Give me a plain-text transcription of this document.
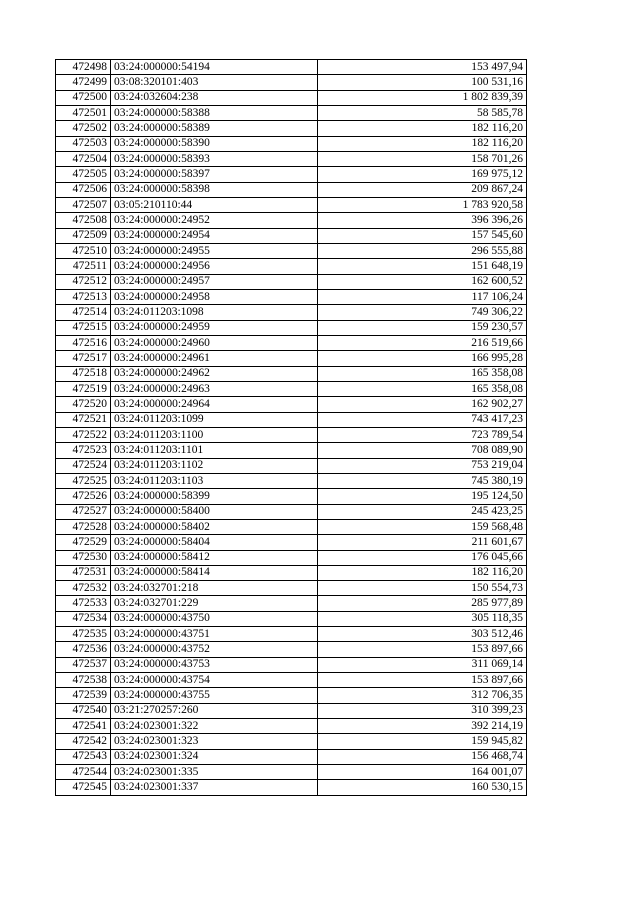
472498	03:24:000000:54194	153 497,94
472499	03:08:320101:403	100 531,16
472500	03:24:032604:238	1 802 839,39
472501	03:24:000000:58388	58 585,78
472502	03:24:000000:58389	182 116,20
472503	03:24:000000:58390	182 116,20
472504	03:24:000000:58393	158 701,26
472505	03:24:000000:58397	169 975,12
472506	03:24:000000:58398	209 867,24
472507	03:05:210110:44	1 783 920,58
472508	03:24:000000:24952	396 396,26
472509	03:24:000000:24954	157 545,60
472510	03:24:000000:24955	296 555,88
472511	03:24:000000:24956	151 648,19
472512	03:24:000000:24957	162 600,52
472513	03:24:000000:24958	117 106,24
472514	03:24:011203:1098	749 306,22
472515	03:24:000000:24959	159 230,57
472516	03:24:000000:24960	216 519,66
472517	03:24:000000:24961	166 995,28
472518	03:24:000000:24962	165 358,08
472519	03:24:000000:24963	165 358,08
472520	03:24:000000:24964	162 902,27
472521	03:24:011203:1099	743 417,23
472522	03:24:011203:1100	723 789,54
472523	03:24:011203:1101	708 089,90
472524	03:24:011203:1102	753 219,04
472525	03:24:011203:1103	745 380,19
472526	03:24:000000:58399	195 124,50
472527	03:24:000000:58400	245 423,25
472528	03:24:000000:58402	159 568,48
472529	03:24:000000:58404	211 601,67
472530	03:24:000000:58412	176 045,66
472531	03:24:000000:58414	182 116,20
472532	03:24:032701:218	150 554,73
472533	03:24:032701:229	285 977,89
472534	03:24:000000:43750	305 118,35
472535	03:24:000000:43751	303 512,46
472536	03:24:000000:43752	153 897,66
472537	03:24:000000:43753	311 069,14
472538	03:24:000000:43754	153 897,66
472539	03:24:000000:43755	312 706,35
472540	03:21:270257:260	310 399,23
472541	03:24:023001:322	392 214,19
472542	03:24:023001:323	159 945,82
472543	03:24:023001:324	156 468,74
472544	03:24:023001:335	164 001,07
472545	03:24:023001:337	160 530,15
